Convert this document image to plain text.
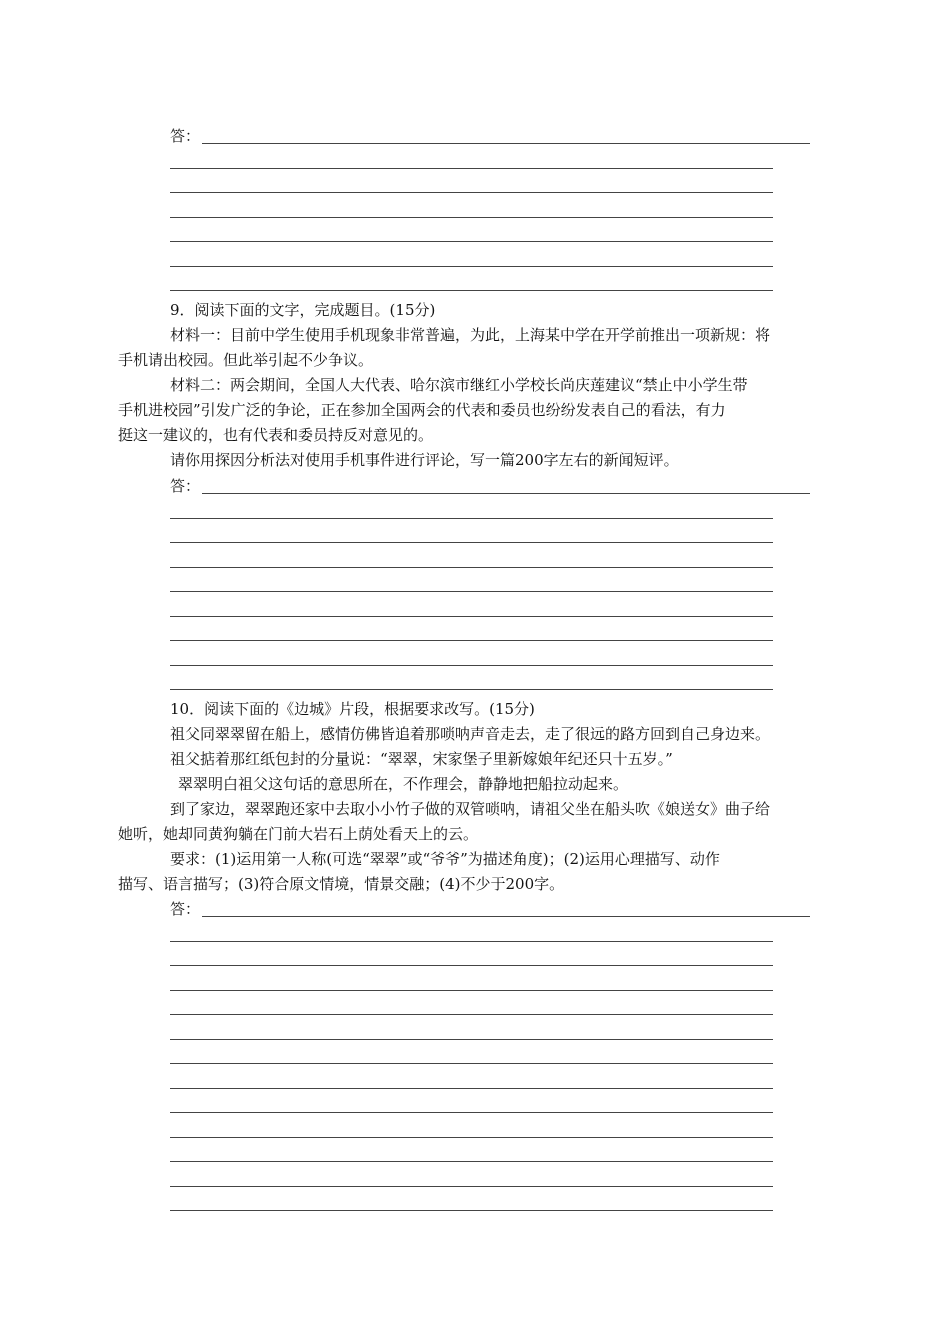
答：

9．阅读下面的文字，完成题目。(15分)

材料一：目前中学生使用手机现象非常普遍，为此，上海某中学在开学前推出一项新规：将

手机请出校园。但此举引起不少争议。

材料二：两会期间，全国人大代表、哈尔滨市继红小学校长尚庆莲建议“禁止中小学生带

手机进校园”引发广泛的争论，正在参加全国两会的代表和委员也纷纷发表自己的看法，有力

挺这一建议的，也有代表和委员持反对意见的。

请你用探因分析法对使用手机事件进行评论，写一篇200字左右的新闻短评。

答：

10．阅读下面的《边城》片段，根据要求改写。(15分)

祖父同翠翠留在船上，感情仿佛皆追着那唢呐声音走去，走了很远的路方回到自己身边来。

祖父掂着那红纸包封的分量说：“翠翠，宋家堡子里新嫁娘年纪还只十五岁。”

翠翠明白祖父这句话的意思所在，不作理会，静静地把船拉动起来。

到了家边，翠翠跑还家中去取小小竹子做的双管唢呐，请祖父坐在船头吹《娘送女》曲子给

她听，她却同黄狗躺在门前大岩石上荫处看天上的云。

要求：(1)运用第一人称(可选“翠翠”或“爷爷”为描述角度)；(2)运用心理描写、动作

描写、语言描写；(3)符合原文情境，情景交融；(4)不少于200字。

答：
